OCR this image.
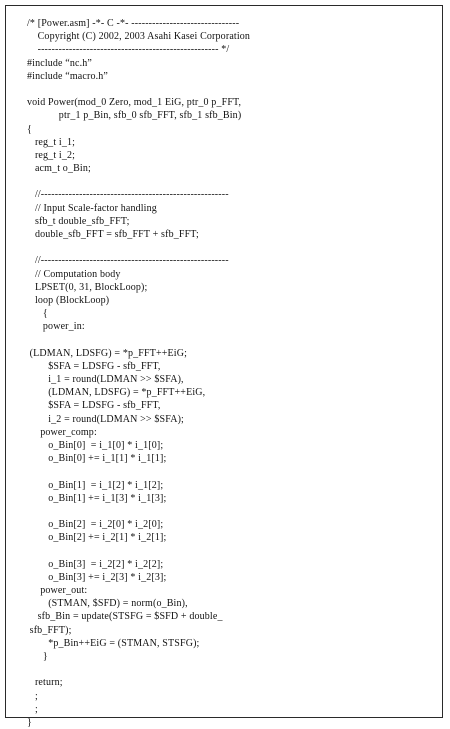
/* [Power.asm] -*- C -*- -------------------------------
Copyright (C) 2002, 2003 Asahi Kasei Corporation
---------------------------------------------------- */
#include “nc.h”
#include “macro.h”

void Power(mod_0 Zero, mod_1 EiG, ptr_0 p_FFT,
ptr_1 p_Bin, sfb_0 sfb_FFT, sfb_1 sfb_Bin)
{
reg_t i_1;
reg_t i_2;
acm_t o_Bin;

//------------------------------------------------------
// Input Scale-factor handling
sfb_t double_sfb_FFT;
double_sfb_FFT = sfb_FFT + sfb_FFT;

//------------------------------------------------------
// Computation body
LPSET(0, 31, BlockLoop);
loop (BlockLoop)
{
power_in:

(LDMAN, LDSFG) = *p_FFT++EiG;
$SFA = LDSFG - sfb_FFT,
i_1 = round(LDMAN >> $SFA),
(LDMAN, LDSFG) = *p_FFT++EiG,
$SFA = LDSFG - sfb_FFT,
i_2 = round(LDMAN >> $SFA);
power_comp:
o_Bin[0]  = i_1[0] * i_1[0];
o_Bin[0] += i_1[1] * i_1[1];

o_Bin[1]  = i_1[2] * i_1[2];
o_Bin[1] += i_1[3] * i_1[3];

o_Bin[2]  = i_2[0] * i_2[0];
o_Bin[2] += i_2[1] * i_2[1];

o_Bin[3]  = i_2[2] * i_2[2];
o_Bin[3] += i_2[3] * i_2[3];
power_out:
(STMAN, $SFD) = norm(o_Bin),
sfb_Bin = update(STSFG = $SFD + double_
sfb_FFT);
*p_Bin++EiG = (STMAN, STSFG);
}

return;
;
;
}
